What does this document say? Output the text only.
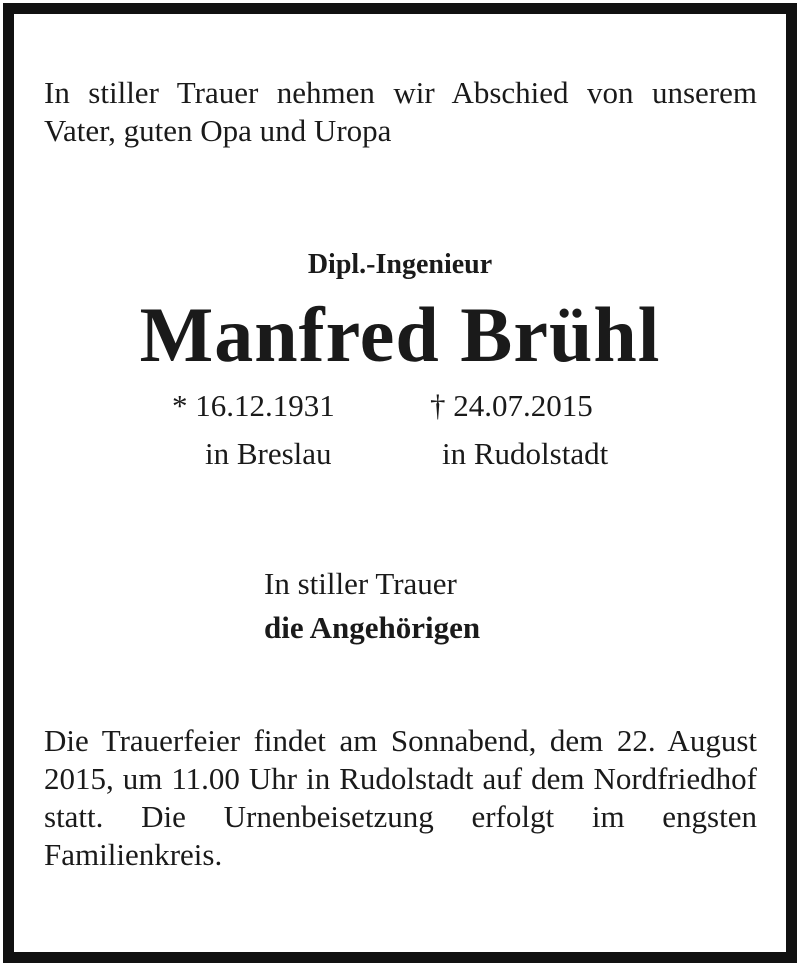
In stiller Trauer nehmen wir Abschied von unserem Vater, guten Opa und Uropa

Dipl.-Ingenieur
Manfred Brühl
* 16.12.1931
in Breslau
† 24.07.2015
in Rudolstadt
In stiller Trauer
die Angehörigen

Die Trauerfeier findet am Sonnabend, dem 22. August 2015, um 11.00 Uhr in Rudolstadt auf dem Nordfriedhof statt. Die Urnenbeisetzung erfolgt im engsten Familienkreis.
